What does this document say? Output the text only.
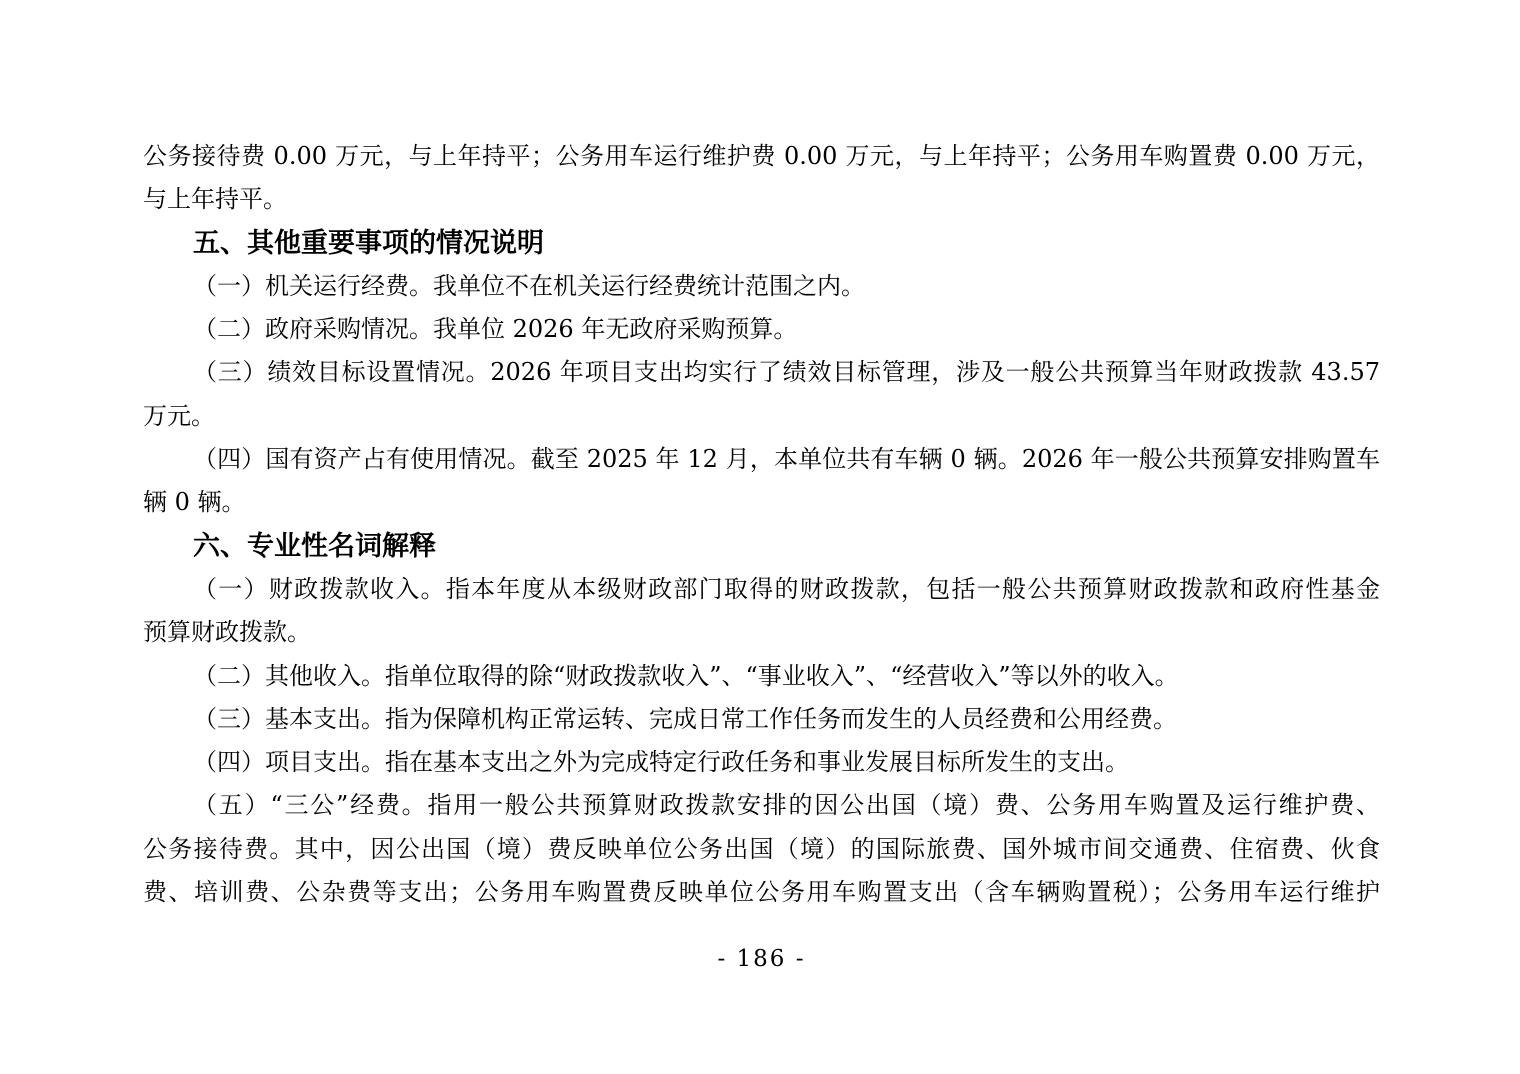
公务接待费 0.00 万元，与上年持平；公务用车运行维护费 0.00 万元，与上年持平；公务用车购置费 0.00 万元，
与上年持平。
五、其他重要事项的情况说明
（一）机关运行经费。我单位不在机关运行经费统计范围之内。
（二）政府采购情况。我单位 2026 年无政府采购预算。
（三）绩效目标设置情况。2026 年项目支出均实行了绩效目标管理，涉及一般公共预算当年财政拨款 43.57
万元。
（四）国有资产占有使用情况。截至 2025 年 12 月，本单位共有车辆 0 辆。2026 年一般公共预算安排购置车
辆 0 辆。
六、专业性名词解释
（一）财政拨款收入。指本年度从本级财政部门取得的财政拨款，包括一般公共预算财政拨款和政府性基金
预算财政拨款。
（二）其他收入。指单位取得的除“财政拨款收入”、“事业收入”、“经营收入”等以外的收入。
（三）基本支出。指为保障机构正常运转、完成日常工作任务而发生的人员经费和公用经费。
（四）项目支出。指在基本支出之外为完成特定行政任务和事业发展目标所发生的支出。
（五）“三公”经费。指用一般公共预算财政拨款安排的因公出国（境）费、公务用车购置及运行维护费、
公务接待费。其中，因公出国（境）费反映单位公务出国（境）的国际旅费、国外城市间交通费、住宿费、伙食
费、培训费、公杂费等支出；公务用车购置费反映单位公务用车购置支出（含车辆购置税）；公务用车运行维护
- 186 -
